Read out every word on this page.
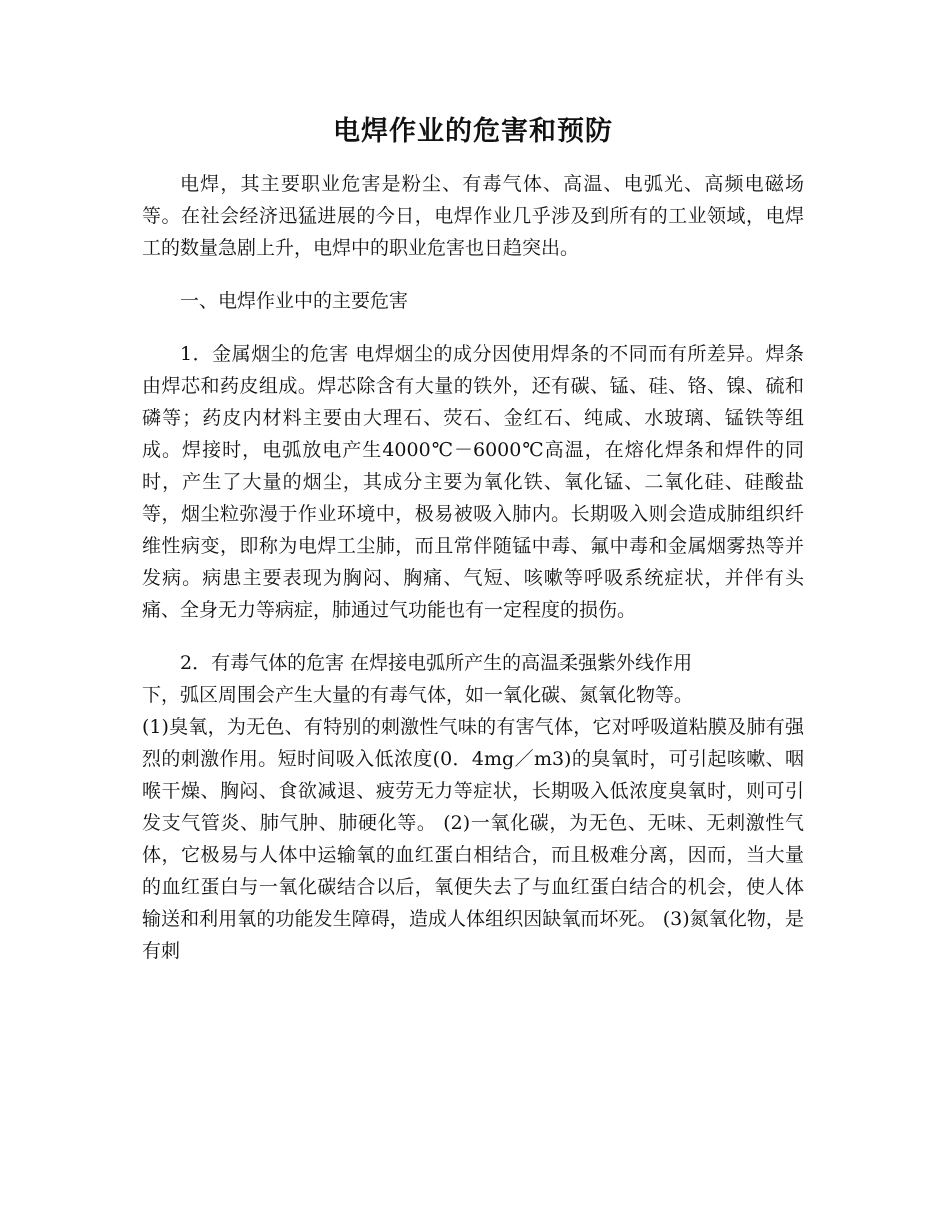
电焊作业的危害和预防

电焊，其主要职业危害是粉尘、有毒气体、高温、电弧光、高频电磁场等。在社会经济迅猛进展的今日，电焊作业几乎涉及到所有的工业领域，电焊工的数量急剧上升，电焊中的职业危害也日趋突出。

一、电焊作业中的主要危害

1．金属烟尘的危害 电焊烟尘的成分因使用焊条的不同而有所差异。焊条由焊芯和药皮组成。焊芯除含有大量的铁外，还有碳、锰、硅、铬、镍、硫和磷等；药皮内材料主要由大理石、荧石、金红石、纯咸、水玻璃、锰铁等组成。焊接时，电弧放电产生4000℃－6000℃高温，在熔化焊条和焊件的同时，产生了大量的烟尘，其成分主要为氧化铁、氧化锰、二氧化硅、硅酸盐等，烟尘粒弥漫于作业环境中，极易被吸入肺内。长期吸入则会造成肺组织纤维性病变，即称为电焊工尘肺，而且常伴随锰中毒、氟中毒和金属烟雾热等并发病。病患主要表现为胸闷、胸痛、气短、咳嗽等呼吸系统症状，并伴有头痛、全身无力等病症，肺通过气功能也有一定程度的损伤。

2．有毒气体的危害 在焊接电弧所产生的高温柔强紫外线作用

下，弧区周围会产生大量的有毒气体，如一氧化碳、氮氧化物等。

(1)臭氧，为无色、有特别的刺激性气味的有害气体，它对呼吸道粘膜及肺有强烈的刺激作用。短时间吸入低浓度(0．4mg／m3)的臭氧时，可引起咳嗽、咽喉干燥、胸闷、食欲减退、疲劳无力等症状，长期吸入低浓度臭氧时，则可引发支气管炎、肺气肿、肺硬化等。 (2)一氧化碳，为无色、无味、无刺激性气体，它极易与人体中运输氧的血红蛋白相结合，而且极难分离，因而，当大量的血红蛋白与一氧化碳结合以后，氧便失去了与血红蛋白结合的机会，使人体输送和利用氧的功能发生障碍，造成人体组织因缺氧而坏死。 (3)氮氧化物，是有刺
